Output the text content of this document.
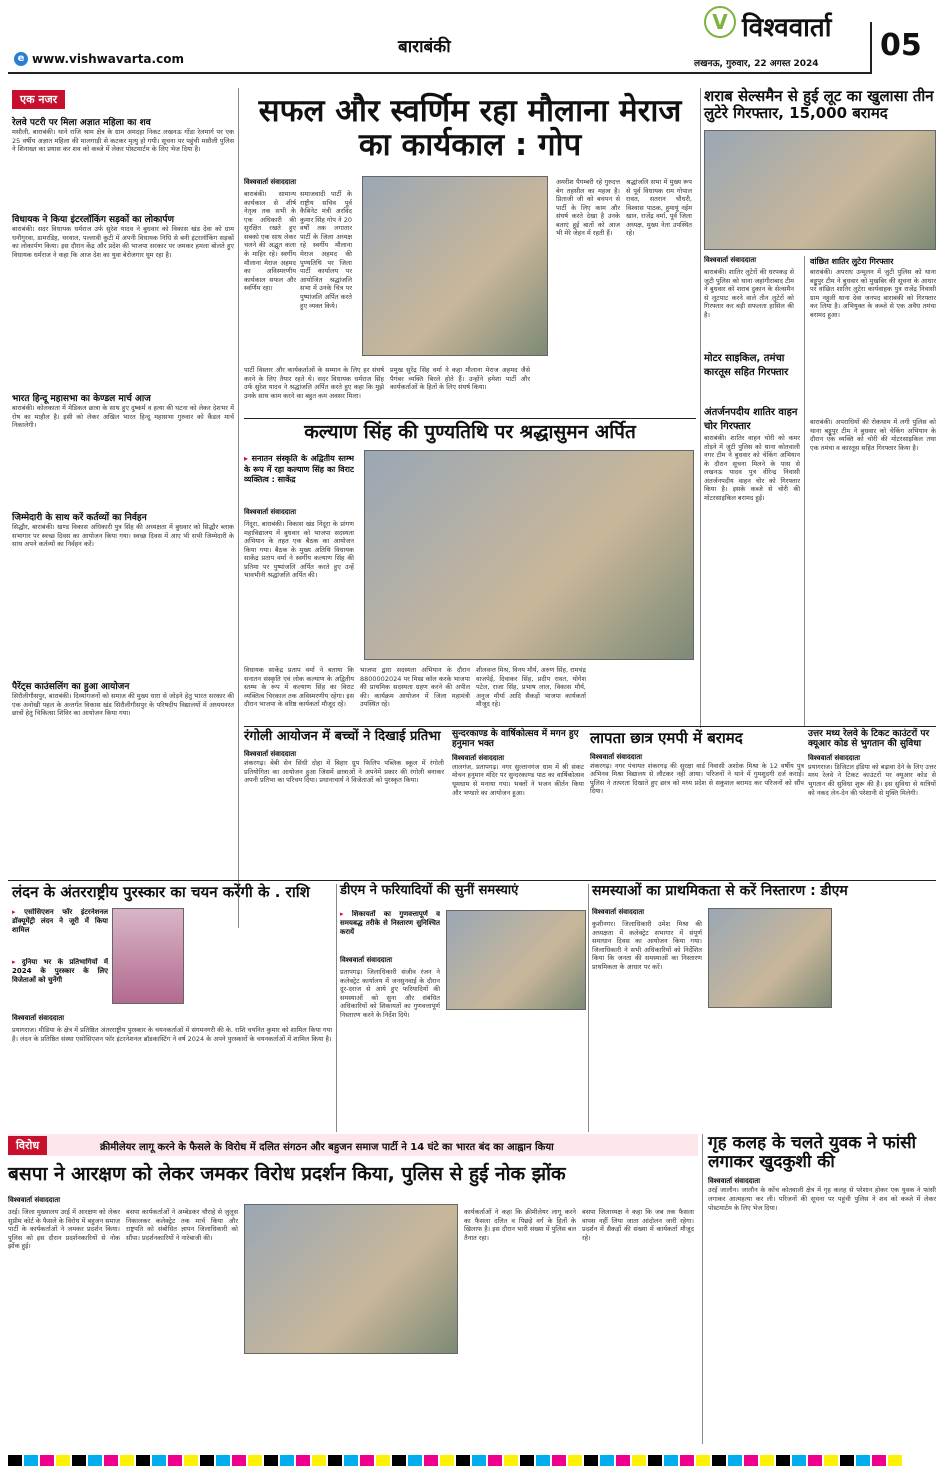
बाराबंकी
e www.vishwavarta.com
V विश्ववार्ता
लखनऊ, गुरुवार, 22 अगस्त 2024
05
एक नजर
रेलवे पटरी पर मिला अज्ञात महिला का शव
मसौली, बाराबंकी। थाने राजि श्राम क्षेत्र के ग्राम अमदहा निकट लखनऊ गोंडा रेलमार्ग पर एक 25 वर्षीय अज्ञात महिला की मालगाड़ी से कटकर मृत्यु हो गयी। सूचना पर पहुंची मसौली पुलिस ने शिनाख्त का प्रयास कर शव को कब्जे में लेकर पोस्टमार्टम के लिए भेज दिया है।
विधायक ने किया इंटरलॉकिंग सड़कों का लोकार्पण
बाराबंकी। सदर विधायक धर्मराज उर्फ सुरेश यादव ने बुधवार को विकास खंड देवा को ग्राम धनौगुरवा, डामरडिह, चरवाल, पल्लावी कुटी में अपनी विधायक निधि से बनी इंटरलॉकिंग सड़कों का लोकार्पण किया। इस दौरान केंद्र और प्रदेश की भाजपा सरकार पर जमकर हमला बोलते हुए विधायक धर्मराज ने कहा कि आज देश का युवा बेरोजगार घूम रहा है।
भारत हिन्दू महासभा का केण्डल मार्च आज
बाराबंकी। कोलकाता में मेडिकल छात्रा के साथ हुए दुष्कर्म व हत्या की घटना को लेकर देशभर में रोष का माहौल है। इसी को लेकर अखिल भारत हिन्दू महासभा गुरुवार को कैंडल मार्च निकालेगी।
जिम्मेदारी के साथ करें कर्तव्यों का निर्वहन
सिद्धौर, बाराबंकी। खण्ड विकास अधिकारी पुत्र सिंह की अध्यक्षता में बुधवार को सिद्धौर ब्लाक सभागार पर स्वच्छ दिवस का आयोजन किया गया। स्वच्छ दिवस में आए भी सभी जिम्मेदारी के साथ अपने कर्तव्यों का निर्वहन करें।
पैरेंट्स काउंसलिंग का हुआ आयोजन
सिरौलीगौसपुर, बाराबंकी। दिव्यांगजनों को समाज की मुख्य धारा से जोड़ने हेतु भारत सरकार की एक अनोखी पहल के अन्तर्गत विकास खंड सिरौलीगौसपुर के परिषदीय विद्यालयों में अध्ययनरत छात्रों हेतु चिकित्सा शिविर का आयोजन किया गया।
सफल और स्वर्णिम रहा मौलाना मेराज का कार्यकाल : गोप
विश्ववार्ता संवाददाता
बाराबंकी। सामान्य कार्यकाल से शीर्ष नेतृत्व तक सभी के एक अधिकारी की सुरक्षित रखते हुए सबको एक साथ लेकर चलने की अद्भुत कला के माहिर रहे। स्वर्गीय मौलाना मेराज अहमद का अविस्मरणीय कार्यकाल सफल और स्वर्णिम रहा।
समाजवादी पार्टी के राष्ट्रीय सचिव पूर्व कैबिनेट मंत्री अरविंद कुमार सिंह गोप ने 20 वर्षों तक लगातार पार्टी के जिला अध्यक्ष रहे स्वर्गीय मौलाना मेराज अहमद की पुण्यतिथि पर जिला पार्टी कार्यालय पर आयोजित श्रद्धांजलि सभा में उनके चित्र पर पुष्पांजलि अर्पित करते हुए व्यक्त किये।
पार्टी विस्तार और कार्यकर्ताओं के सम्मान के लिए हर संघर्ष करने के लिए तैयार रहते थे। सदर विधायक धर्मराज सिंह उर्फ सुरेश यादव ने श्रद्धांजलि अर्पित करते हुए कहा कि मुझे उनके साथ काम करने का बहुत कम अवसर मिला।
प्रमुख सुरेंद्र सिंह वर्मा ने कहा मौलाना मेराज अहमद जैसे पैगंबर व्यक्ति बिरले होते हैं। उन्होंने हमेशा पार्टी और कार्यकर्ताओं के हितों के लिए संघर्ष किया।
अमरीश पैगम्बरी रहे गुरुदत्त बेग तहसील का महत्व है। प्रिताजी जी को बचपन से पार्टी के लिए काम और संघर्ष करते देखा है उनके बताएं हुई बातों को आज भी मेरे जेहन में रहती हैं।
श्रद्धांजलि सभा में मुख्य रूप से पूर्व विधायक राम गोपाल रावत, सतरान चौधरी, विश्वास पाठक, हुमायूं नईम खान, राजेंद्र वर्मा, पूर्व जिला अध्यक्ष, मुख्य नेता उपस्थित रहे।
कल्याण सिंह की पुण्यतिथि पर श्रद्धासुमन अर्पित
▸ सनातन संस्कृति के अद्वितीय स्तम्भ के रूप में रहा कल्याण सिंह का विराट व्यक्तित्व : साकेंद्र
विश्ववार्ता संवाददाता
निंदूरा, बाराबंकी। विकास खंड निंदूरा के प्रांगण महाविद्यालय में बुधवार को भाजपा सदस्यता अभियान के तहत एक बैठक का आयोजन किया गया। बैठक के मुख्य अतिथि विधायक साकेंद्र प्रताप वर्मा ने स्वर्गीय कल्याण सिंह की प्रतिमा पर पुष्पांजलि अर्पित करते हुए उन्हें भावभीनी श्रद्धांजलि अर्पित की।
विधायक साकेंद्र प्रताप वर्मा ने बताया कि सनातन संस्कृति एवं लोक कल्याण के अद्वितीय स्तम्भ के रूप में कल्याण सिंह का विराट व्यक्तित्व चिरकाल तक अविस्मरणीय रहेगा। इस दौरान भाजपा के वरिष्ठ कार्यकर्ता मौजूद रहे।
भाजपा द्वारा सदस्यता अभियान के दौरान 8800002024 पर मिस्ड कॉल करके भाजपा की प्राथमिक सदस्यता ग्रहण करने की अपील की। कार्यक्रम आयोजन में जिला महामंत्री उपस्थित रहे।
शीलवन्त मिश्र, विनय मौर्य, अरुण सिंह, रामचंद्र वाजपेई, दिवाकर सिंह, प्रदीप रावत, योगेश पटेल, राजा सिंह, प्रभाष लाल, विकास मौर्य, अनुज मौर्या आदि सैकड़ों भाजपा कार्यकर्ता मौजूद रहे।
शराब सेल्समैन से हुई लूट का खुलासा तीन लुटेरे गिरफ्तार, 15,000 बरामद
विश्ववार्ता संवाददाता
बाराबंकी। शातिर लुटेरों की धरपकड़ से जुटी पुलिस को थाना जहांगीराबाद टीम ने बुधवार को शराब दुकान के सेल्समैन से लूटपाट करने वाले तीन लुटेरों को गिरफ्तार कर बड़ी सफलता हासिल की है।
अंतर्जनपदीय शातिर वाहन चोर गिरफ्तार
बाराबंकी। शातिर वाहन चोरी को कमर तोड़ने में जुटी पुलिस को थाना कोतवाली नगर टीम ने बुधवार को चेकिंग अभियान के दौरान सूचना मिलने के पास से लखनऊ यादव पुत्र वीरेन्द्र निवासी अंतर्जनपदीय वाहन चोर को गिरफ्तार किया है। इसके कब्जे से चोरी की मोटरसाइकिल बरामद हुई।
वांछित शातिर लुटेरा गिरफ्तार
बाराबंकी। अपराध उन्मूलन में जुटी पुलिस को थाना बड्डूपुर टीम ने बुधवार को मुखबिर की सूचना के आधार पर वांछित शातिर लुटेरा कार्यवाहक पुत्र राजेंद्र निवासी ग्राम नहुली थाना देवा जनपद बाराबंकी को गिरफ्तार कर लिया है। अभियुक्त के कब्जे से एक अवैध तमंचा बरामद हुआ।
मोटर साइकिल, तमंचा कारतूस सहित गिरफ्तार
बाराबंकी। अपराधियों की रोकथाम में लगी पुलिस को थाना बड्डूपुर टीम ने बुधवार को चेकिंग अभियान के दौरान एक व्यक्ति को चोरी की मोटरसाइकिल तथा एक तमंचा व कारतूस सहित गिरफ्तार किया है।
रंगोली आयोजन में बच्चों ने दिखाई प्रतिभा
विश्ववार्ता संवाददाता
शंकरगढ़। बेबी सेन सिंधी दोहा में बिहार ग्रुप फिलिप पब्लिक स्कूल में रंगोली प्रतियोगिता का आयोजन हुआ जिसमें छात्राओं ने अपनेमें प्रकार की रंगोली बनाकर अपनी प्रतिभा का परिचय दिया। प्रधानाचार्य ने विजेताओं को पुरस्कृत किया।
सुन्दरकाण्ड के वार्षिकोत्सव में मगन हुए हनुमान भक्त
विश्ववार्ता संवाददाता
लालगंज, प्रतापगढ़। नगर सुल्तानगंज धाम में श्री संकट मोचन हनुमान मंदिर पर सुन्दरकाण्ड पाठ का वार्षिकोत्सव धूमधाम से मनाया गया। भक्तों ने भजन कीर्तन किया और भण्डारे का आयोजन हुआ।
लापता छात्र एमपी में बरामद
विश्ववार्ता संवाददाता
शंकरगढ़। नगर पंचायत शंकरगढ़ की सुरक्षा वार्ड निवासी अशोक मिश्रा के 12 वर्षीय पुत्र अभिनव मिश्रा विद्यालय से लौटकर नहीं आया। परिजनों ने थाने में गुमशुदगी दर्ज कराई। पुलिस ने तत्परता दिखाते हुए छात्र को मध्य प्रदेश से सकुशल बरामद कर परिजनों को सौंप दिया।
उत्तर मध्य रेलवे के टिकट काउंटरों पर क्यूआर कोड से भुगतान की सुविधा
विश्ववार्ता संवाददाता
प्रयागराज। डिजिटल इंडिया को बढ़ावा देने के लिए उत्तर मध्य रेलवे ने टिकट काउंटरों पर क्यूआर कोड से भुगतान की सुविधा शुरू की है। इस सुविधा से यात्रियों को नकद लेन-देन की परेशानी से मुक्ति मिलेगी।
लंदन के अंतरराष्ट्रीय पुरस्कार का चयन करेंगी के . राशि
▸ एसोसिएशन फॉर इंटरनेशनल डॉक्यूमेंट्री लंदन ने जूरी में किया शामिल
▸ दुनिया भर के प्रतिभागियों में 2024 के पुरस्कार के लिए विजेताओं को चुनेंगी
विश्ववार्ता संवाददाता
प्रयागराज। मीडिया के क्षेत्र में प्रतिष्ठित अंतरराष्ट्रीय पुरस्कार के चयनकर्ताओं में संगमनगरी की के. राशि चयनित कुमार को शामिल किया गया है। लंदन के प्रतिष्ठित संस्था एसोसिएशन फॉर इंटरनेशनल ब्रॉडकास्टिंग ने वर्ष 2024 के अपने पुरस्कारों के चयनकर्ताओं में शामिल किया है।
डीएम ने फरियादियों की सुनीं समस्याएं
▸ शिकायतों का गुणवत्तापूर्ण व समयबद्ध तरीके से निस्तारण सुनिश्चित करायें
विश्ववार्ता संवाददाता
प्रतापगढ़। जिलाधिकारी संजीव रंजन ने कलेक्ट्रेट कार्यालय में जनसुनवाई के दौरान दूर-दराज से आये हुए फरियादियों की समस्याओं को सुना और संबंधित अधिकारियों को शिकायतों का गुणवत्तापूर्ण निस्तारण करने के निर्देश दिये।
समस्याओं का प्राथमिकता से करें निस्तारण : डीएम
विश्ववार्ता संवाददाता
कुशीनगर। जिलाधिकारी उमेश मिश्रा की अध्यक्षता में कलेक्ट्रेट सभागार में संपूर्ण समाधान दिवस का आयोजन किया गया। जिलाधिकारी ने सभी अधिकारियों को निर्देशित किया कि जनता की समस्याओं का निस्तारण प्राथमिकता के आधार पर करें।
विरोध	क्रीमीलेयर लागू करने के फैसले के विरोध में दलित संगठन और बहुजन समाज पार्टी ने 14 घंटे का भारत बंद का आह्वान किया
बसपा ने आरक्षण को लेकर जमकर विरोध प्रदर्शन किया, पुलिस से हुई नोक झोंक
विश्ववार्ता संवाददाता
उरई। जिला मुख्यालय उरई में आरक्षण को लेकर सुप्रीम कोर्ट के फैसले के विरोध में बहुजन समाज पार्टी के कार्यकर्ताओं ने जमकर प्रदर्शन किया। पुलिस को इस दौरान प्रदर्शनकारियों से नोक झोंक हुई।
बसपा कार्यकर्ताओं ने अम्बेडकर चौराहे से जुलूस निकालकर कलेक्ट्रेट तक मार्च किया और राष्ट्रपति को संबोधित ज्ञापन जिलाधिकारी को सौंपा। प्रदर्शनकारियों ने नारेबाजी की।
कार्यकर्ताओं ने कहा कि क्रीमीलेयर लागू करने का फैसला दलित व पिछड़े वर्ग के हितों के खिलाफ है। इस दौरान भारी संख्या में पुलिस बल तैनात रहा।
बसपा जिलाध्यक्ष ने कहा कि जब तक फैसला वापस नहीं लिया जाता आंदोलन जारी रहेगा। प्रदर्शन में सैकड़ों की संख्या में कार्यकर्ता मौजूद रहे।
गृह कलह के चलते युवक ने फांसी लगाकर खुदकुशी की
विश्ववार्ता संवाददाता
उरई जालौन। जालौन के कोंच कोतवाली क्षेत्र में गृह कलह से परेशान होकर एक युवक ने फांसी लगाकर आत्महत्या कर ली। परिजनों की सूचना पर पहुंची पुलिस ने शव को कब्जे में लेकर पोस्टमार्टम के लिए भेज दिया।
